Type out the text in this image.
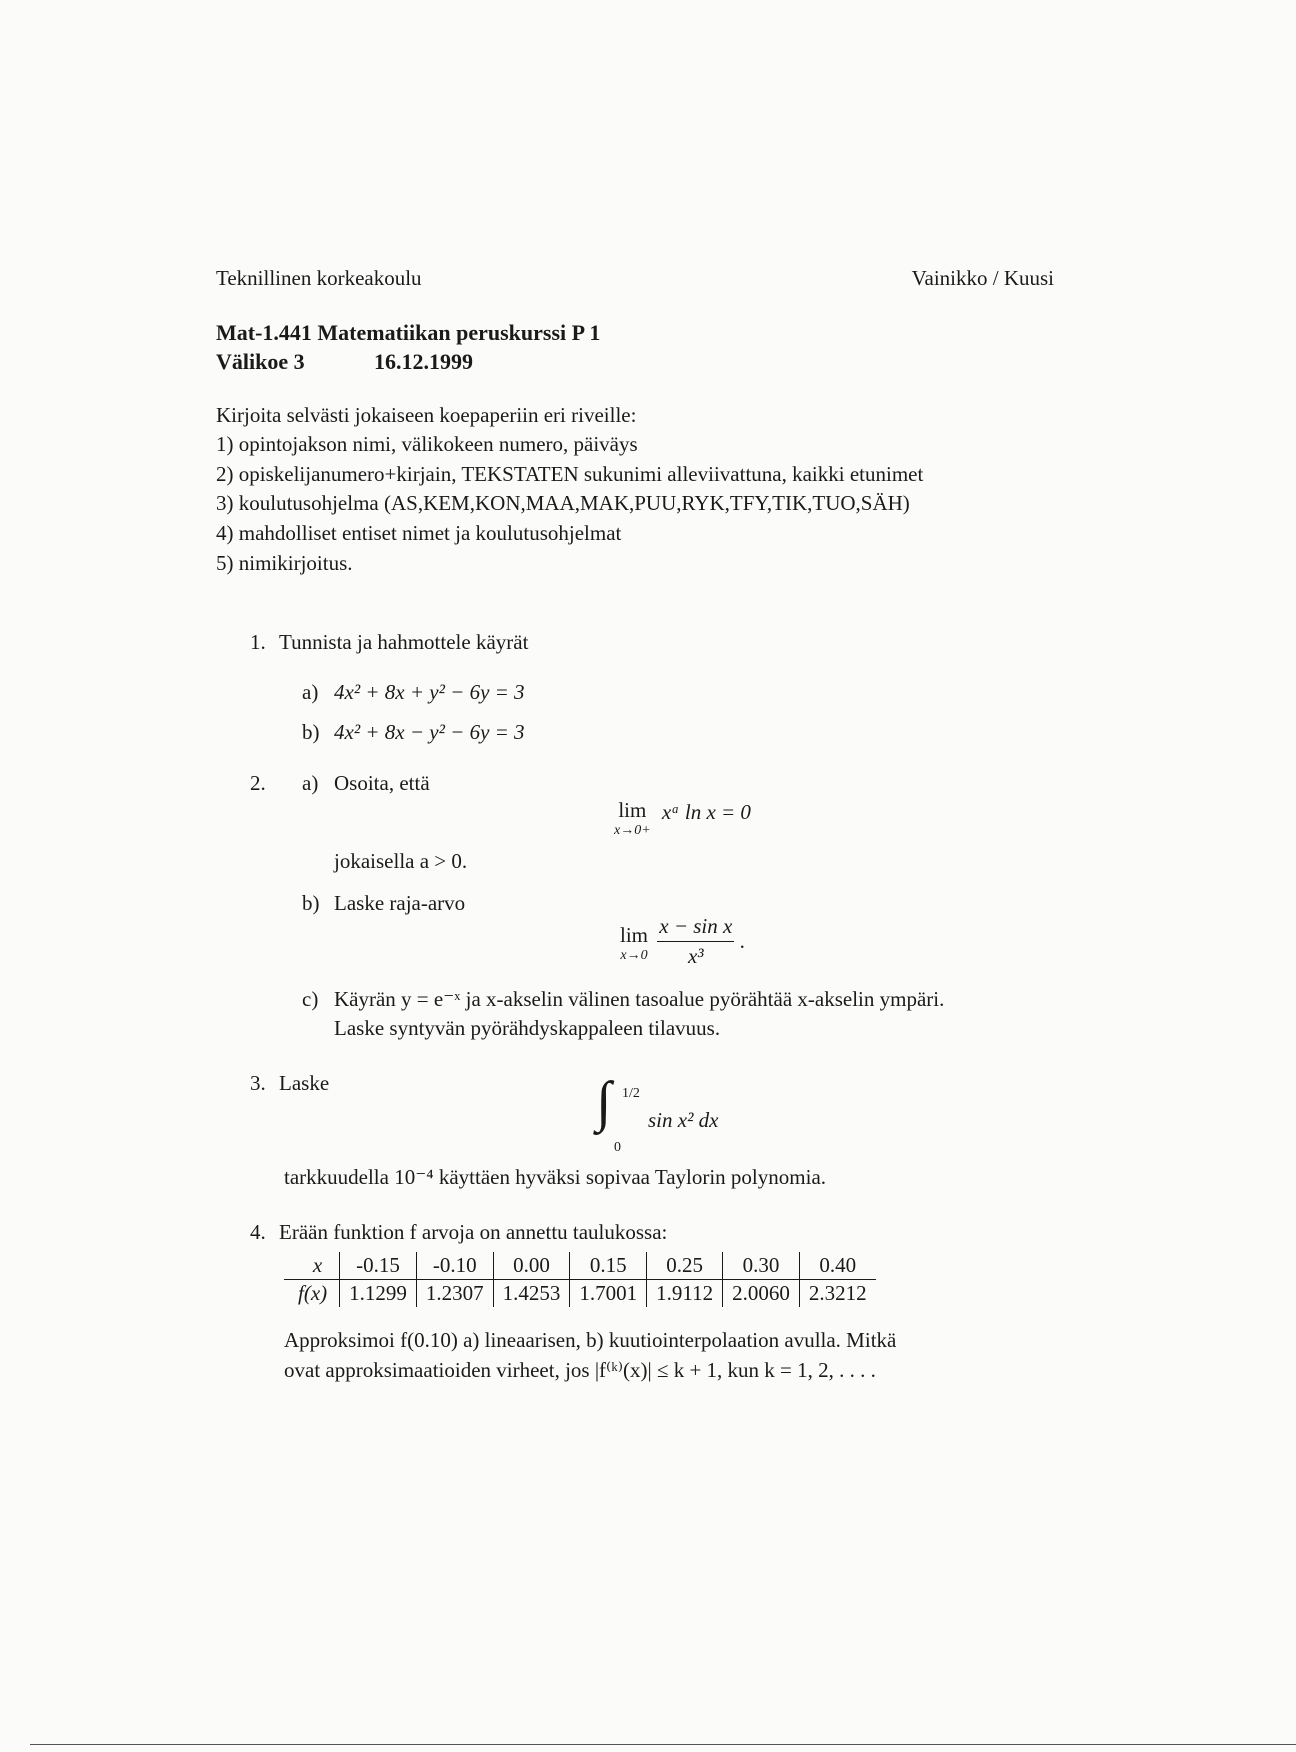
Teknillinen korkeakoulu	Vainikko / Kuusi
Mat-1.441 Matematiikan peruskurssi P 1
Välikoe 3	16.12.1999
Kirjoita selvästi jokaiseen koepaperiin eri riveille:
1) opintojakson nimi, välikokeen numero, päiväys
2) opiskelijanumero+kirjain, TEKSTATEN sukunimi alleviivattuna, kaikki etunimet
3) koulutusohjelma (AS,KEM,KON,MAA,MAK,PUU,RYK,TFY,TIK,TUO,SÄH)
4) mahdolliset entiset nimet ja koulutusohjelmat
5) nimikirjoitus.
1. Tunnista ja hahmottele käyrät
a) 4x² + 8x + y² − 6y = 3
b) 4x² + 8x − y² − 6y = 3
2. a) Osoita, että
lim
x→0+
xᵃ ln x = 0
jokaisella a > 0.
b) Laske raja-arvo
lim
x→0
$\frac{\text{x − sin x}}{\text{x³}}$ .
c) Käyrän y = e⁻ˣ ja x-akselin välinen tasoalue pyörähtää x-akselin ympäri.
Laske syntyvän pyörähdyskappaleen tilavuus.
3. Laske	∫ 1/2
0
sin x² dx
tarkkuudella 10⁻⁴ käyttäen hyväksi sopivaa Taylorin polynomia.
4. Erään funktion f arvoja on annettu taulukossa:
x	-0.15	-0.10	0.00	0.15	0.25	0.30	0.40
f(x)	1.1299	1.2307	1.4253	1.7001	1.9112	2.0060	2.3212
Approksimoi f(0.10) a) lineaarisen, b) kuutiointerpolaation avulla. Mitkä
ovat approksimaatioiden virheet, jos |f⁽ᵏ⁾(x)| ≤ k + 1, kun k = 1, 2, . . . .
